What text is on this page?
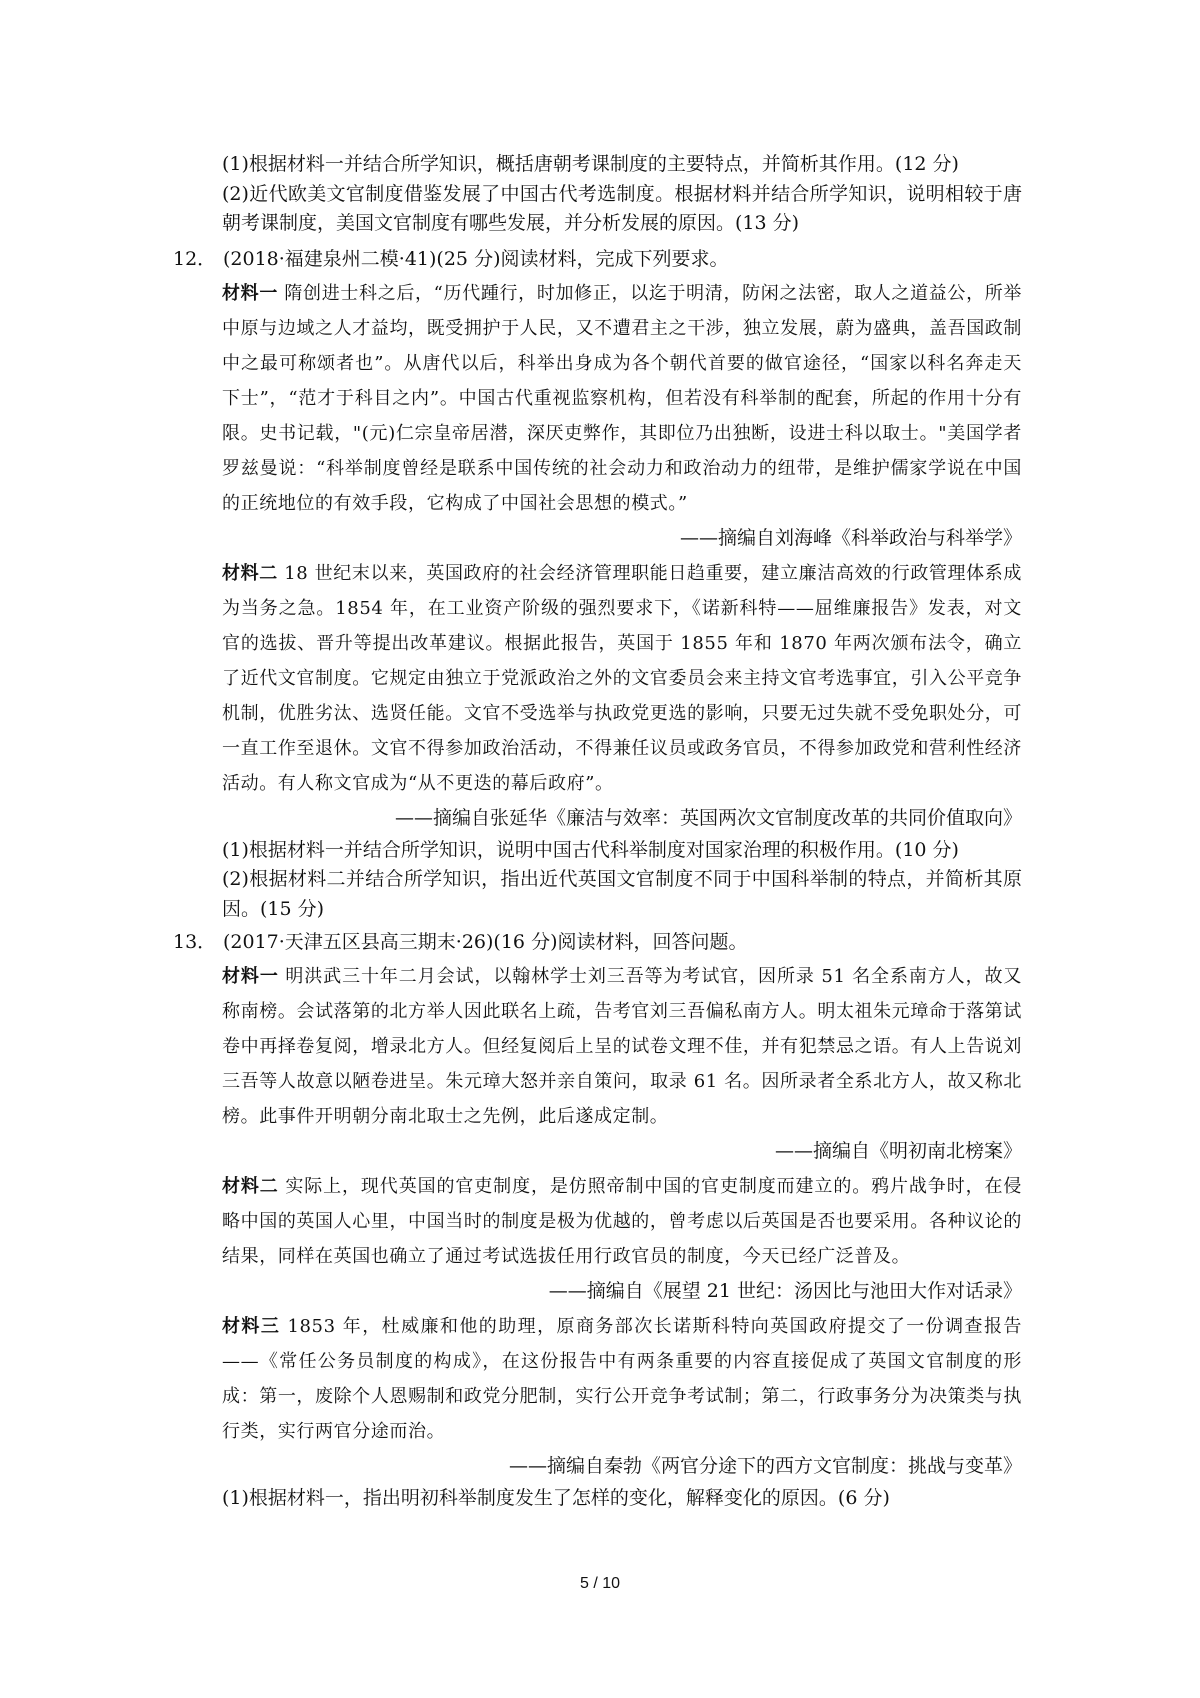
(1)根据材料一并结合所学知识，概括唐朝考课制度的主要特点，并简析其作用。(12 分)

(2)近代欧美文官制度借鉴发展了中国古代考选制度。根据材料并结合所学知识，说明相较于唐朝考课制度，美国文官制度有哪些发展，并分析发展的原因。(13 分)

12． (2018·福建泉州二模·41)(25 分)阅读材料，完成下列要求。

材料一 隋创进士科之后，“历代踵行，时加修正，以迄于明清，防闲之法密，取人之道益公，所举中原与边域之人才益均，既受拥护于人民，又不遭君主之干涉，独立发展，蔚为盛典，盖吾国政制中之最可称颂者也”。从唐代以后，科举出身成为各个朝代首要的做官途径，“国家以科名奔走天下士”，“范才于科目之内”。中国古代重视监察机构，但若没有科举制的配套，所起的作用十分有限。史书记载，"(元)仁宗皇帝居潜，深厌吏弊作，其即位乃出独断，设进士科以取士。"美国学者罗兹曼说：“科举制度曾经是联系中国传统的社会动力和政治动力的纽带，是维护儒家学说在中国的正统地位的有效手段，它构成了中国社会思想的模式。”

——摘编自刘海峰《科举政治与科举学》

材料二 18 世纪末以来，英国政府的社会经济管理职能日趋重要，建立廉洁高效的行政管理体系成为当务之急。1854 年，在工业资产阶级的强烈要求下，《诺新科特——屈维廉报告》发表，对文官的选拔、晋升等提出改革建议。根据此报告，英国于 1855 年和 1870 年两次颁布法令，确立了近代文官制度。它规定由独立于党派政治之外的文官委员会来主持文官考选事宜，引入公平竞争机制，优胜劣汰、选贤任能。文官不受选举与执政党更选的影响，只要无过失就不受免职处分，可一直工作至退休。文官不得参加政治活动，不得兼任议员或政务官员，不得参加政党和营利性经济活动。有人称文官成为“从不更迭的幕后政府”。

——摘编自张延华《廉洁与效率：英国两次文官制度改革的共同价值取向》

(1)根据材料一并结合所学知识，说明中国古代科举制度对国家治理的积极作用。(10 分)

(2)根据材料二并结合所学知识，指出近代英国文官制度不同于中国科举制的特点，并简析其原因。(15 分)

13． (2017·天津五区县高三期末·26)(16 分)阅读材料，回答问题。

材料一 明洪武三十年二月会试，以翰林学士刘三吾等为考试官，因所录 51 名全系南方人，故又称南榜。会试落第的北方举人因此联名上疏，告考官刘三吾偏私南方人。明太祖朱元璋命于落第试卷中再择卷复阅，增录北方人。但经复阅后上呈的试卷文理不佳，并有犯禁忌之语。有人上告说刘三吾等人故意以陋卷进呈。朱元璋大怒并亲自策问，取录 61 名。因所录者全系北方人，故又称北榜。此事件开明朝分南北取士之先例，此后遂成定制。

——摘编自《明初南北榜案》

材料二 实际上，现代英国的官吏制度，是仿照帝制中国的官吏制度而建立的。鸦片战争时，在侵略中国的英国人心里，中国当时的制度是极为优越的，曾考虑以后英国是否也要采用。各种议论的结果，同样在英国也确立了通过考试选拔任用行政官员的制度，今天已经广泛普及。

——摘编自《展望 21 世纪：汤因比与池田大作对话录》

材料三 1853 年，杜威廉和他的助理，原商务部次长诺斯科特向英国政府提交了一份调查报告——《常任公务员制度的构成》，在这份报告中有两条重要的内容直接促成了英国文官制度的形成：第一，废除个人恩赐制和政党分肥制，实行公开竞争考试制；第二，行政事务分为决策类与执行类，实行两官分途而治。

——摘编自秦勃《两官分途下的西方文官制度：挑战与变革》

(1)根据材料一，指出明初科举制度发生了怎样的变化，解释变化的原因。(6 分)

5 / 10
